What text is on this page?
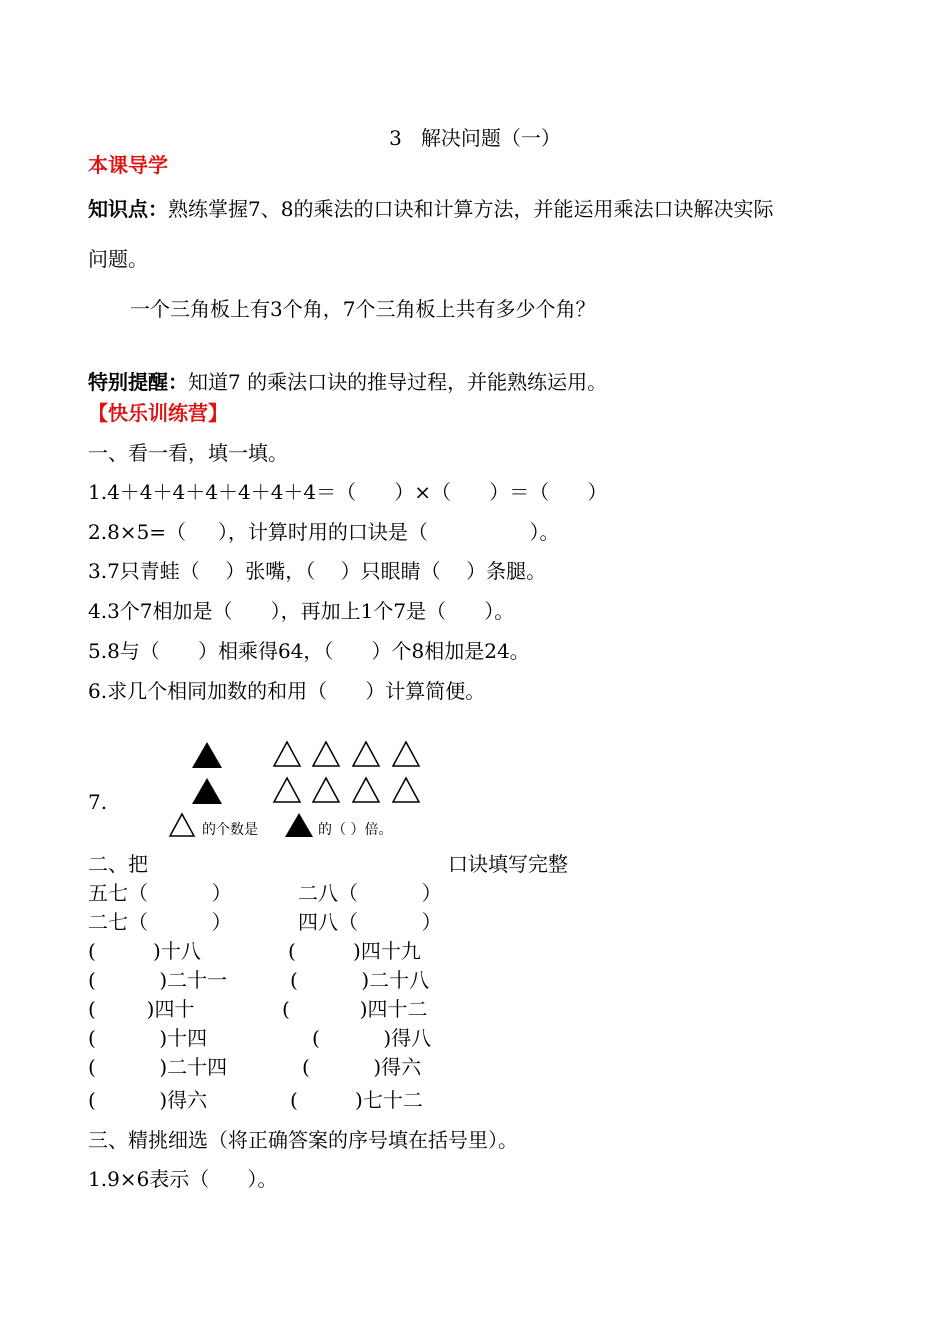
3   解决问题（一）
本课导学
知识点：熟练掌握7、8的乘法的口诀和计算方法，并能运用乘法口诀解决实际
问题。
一个三角板上有3个角，7个三角板上共有多少个角？
特别提醒：知道7 的乘法口诀的推导过程，并能熟练运用。
【快乐训练营】
一、看一看，填一填。
1.4＋4＋4＋4＋4＋4＋4＝（      ）×（      ）＝（      ）
2.8×5=（     ），计算时用的口诀是（                ）。
3.7只青蛙（    ）张嘴，（    ）只眼睛（    ）条腿。
4.3个7相加是（      ），再加上1个7是（      ）。
5.8与（      ）相乘得64，（      ）个8相加是24。
6.求几个相同加数的和用（      ）计算简便。
7.
的个数是	的（ ）倍。
二、把	口诀填写完整
五七（          ）	二八（          ）
二七（          ）	四八（          ）
(         )十八	(         )四十九
(          )二十一	(          )二十八
(        )四十	(           )四十二
(          )十四	(          )得八
(          )二十四	(          )得六
(          )得六	(         )七十二
三、精挑细选（将正确答案的序号填在括号里）。
1.9×6表示（      ）。
